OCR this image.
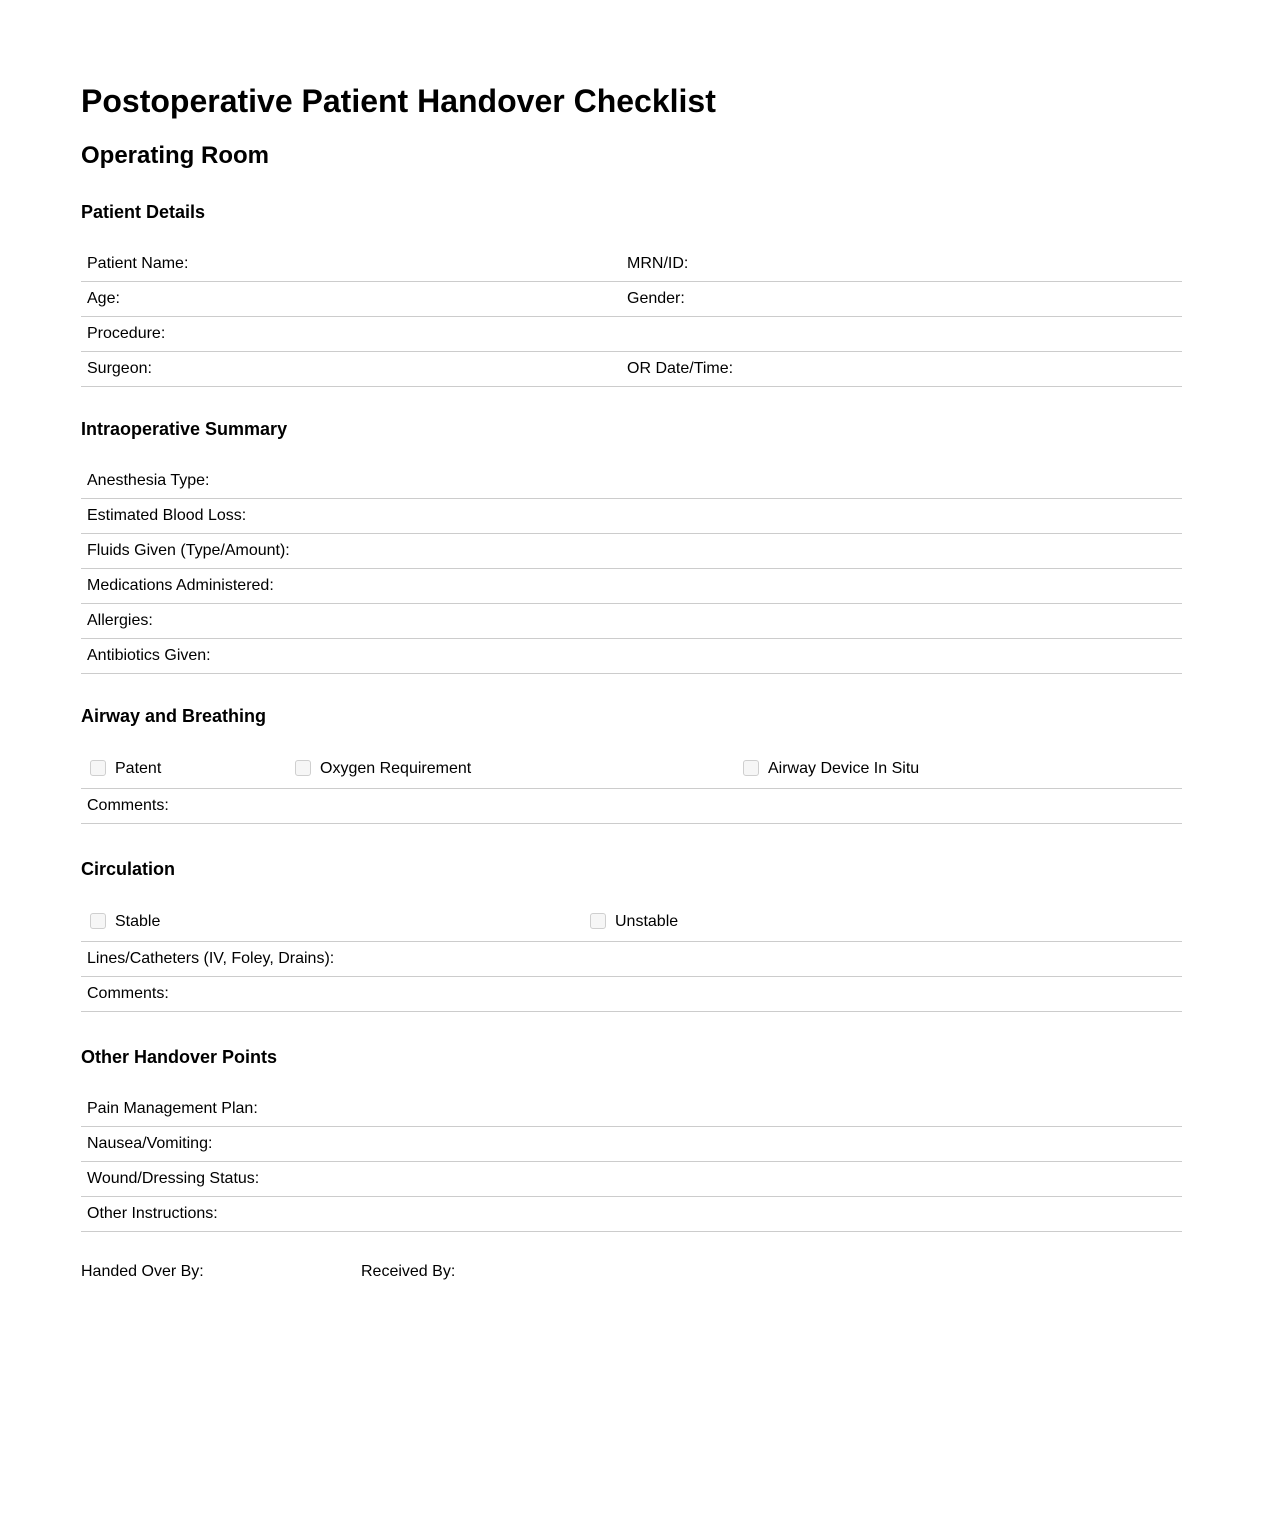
Postoperative Patient Handover Checklist
Operating Room
Patient Details
Patient Name:	MRN/ID:
Age:	Gender:
Procedure:	
Surgeon:	OR Date/Time:
Intraoperative Summary
Anesthesia Type:
Estimated Blood Loss:
Fluids Given (Type/Amount):
Medications Administered:
Allergies:
Antibiotics Given:
Airway and Breathing
Patent	Oxygen Requirement	Airway Device In Situ

Comments:
Circulation
Stable	Unstable

Lines/Catheters (IV, Foley, Drains):
Comments:
Other Handover Points
Pain Management Plan:
Nausea/Vomiting:
Wound/Dressing Status:
Other Instructions:
Handed Over By:	Received By:
